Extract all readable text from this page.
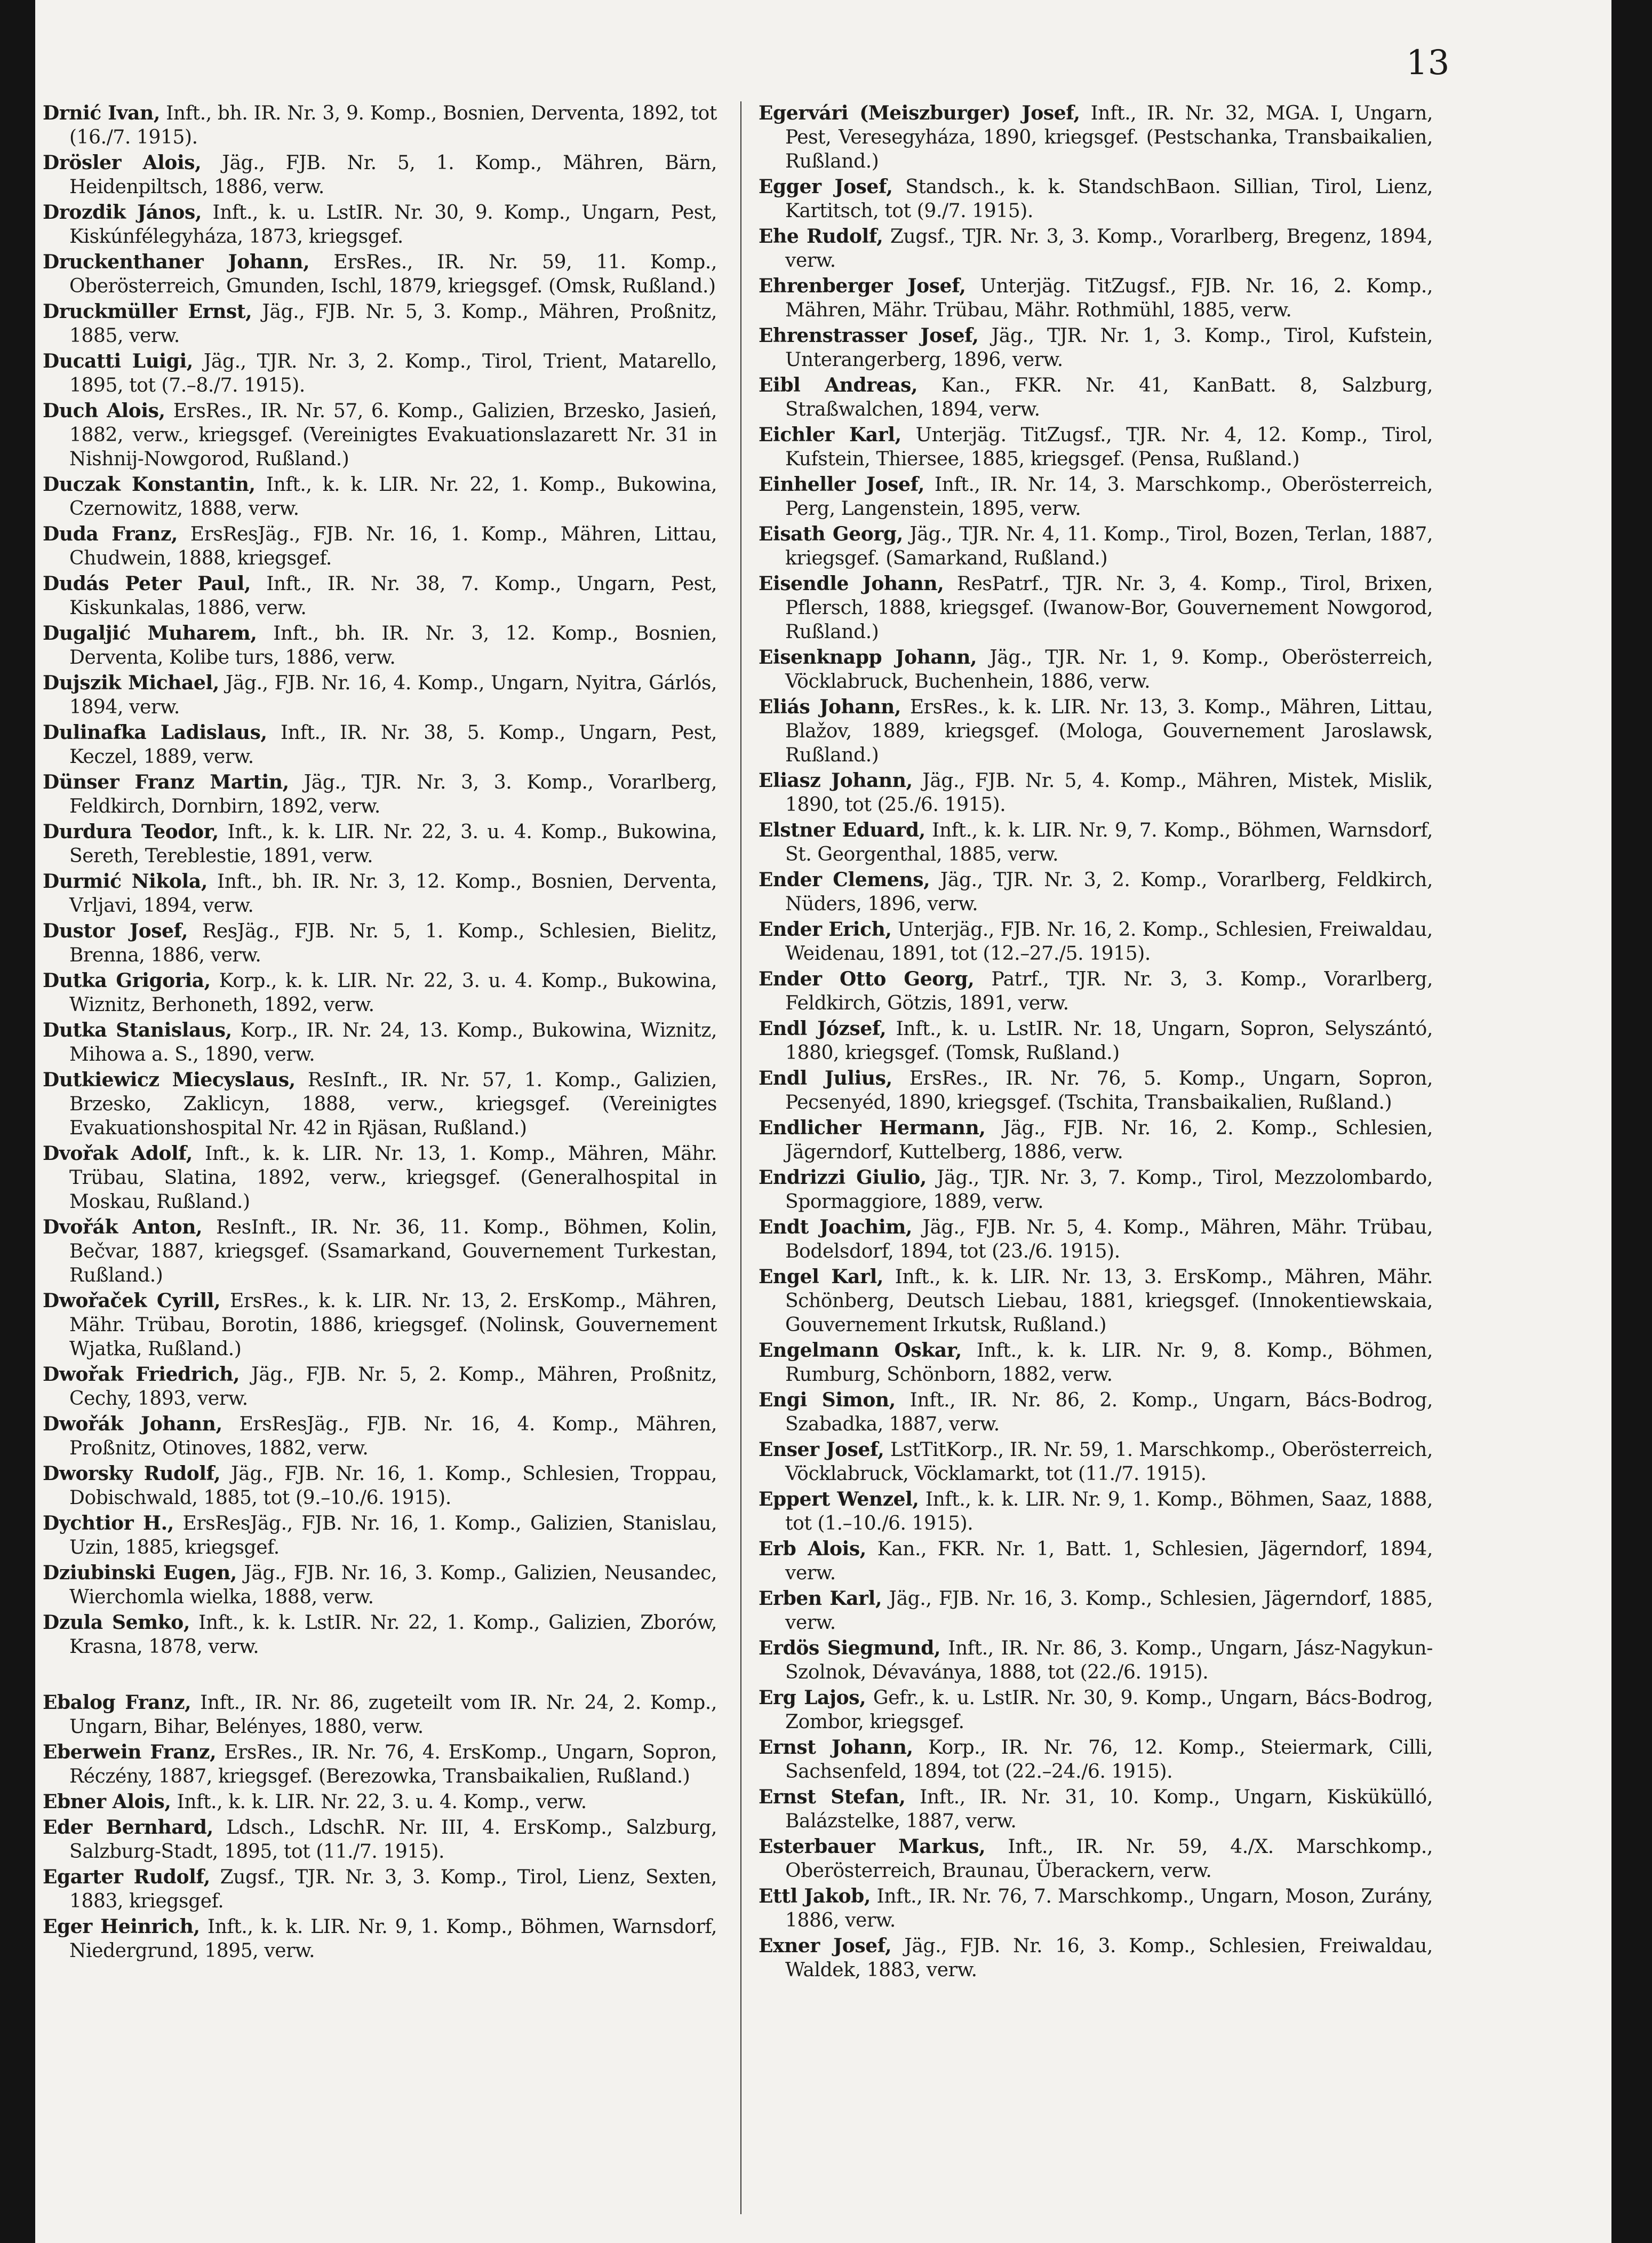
13
Drnić Ivan, Inft., bh. IR. Nr. 3, 9. Komp., Bosnien, Derventa, 1892, tot (16./7. 1915).
Drösler Alois, Jäg., FJB. Nr. 5, 1. Komp., Mähren, Bärn, Heidenpiltsch, 1886, verw.
Drozdik János, Inft., k. u. LstIR. Nr. 30, 9. Komp., Ungarn, Pest, Kiskúnfélegyháza, 1873, kriegsgef.
Druckenthaner Johann, ErsRes., IR. Nr. 59, 11. Komp., Oberösterreich, Gmunden, Ischl, 1879, kriegsgef. (Omsk, Rußland.)
Druckmüller Ernst, Jäg., FJB. Nr. 5, 3. Komp., Mähren, Proßnitz, 1885, verw.
Ducatti Luigi, Jäg., TJR. Nr. 3, 2. Komp., Tirol, Trient, Matarello, 1895, tot (7.–8./7. 1915).
Duch Alois, ErsRes., IR. Nr. 57, 6. Komp., Galizien, Brzesko, Jasień, 1882, verw., kriegsgef. (Vereinigtes Evakuationslazarett Nr. 31 in Nishnij-Nowgorod, Rußland.)
Duczak Konstantin, Inft., k. k. LIR. Nr. 22, 1. Komp., Bukowina, Czernowitz, 1888, verw.
Duda Franz, ErsResJäg., FJB. Nr. 16, 1. Komp., Mähren, Littau, Chudwein, 1888, kriegsgef.
Dudás Peter Paul, Inft., IR. Nr. 38, 7. Komp., Ungarn, Pest, Kiskunkalas, 1886, verw.
Dugaljić Muharem, Inft., bh. IR. Nr. 3, 12. Komp., Bosnien, Derventa, Kolibe turs, 1886, verw.
Dujszik Michael, Jäg., FJB. Nr. 16, 4. Komp., Ungarn, Nyitra, Gárlós, 1894, verw.
Dulinafka Ladislaus, Inft., IR. Nr. 38, 5. Komp., Ungarn, Pest, Keczel, 1889, verw.
Dünser Franz Martin, Jäg., TJR. Nr. 3, 3. Komp., Vorarlberg, Feldkirch, Dornbirn, 1892, verw.
Durdura Teodor, Inft., k. k. LIR. Nr. 22, 3. u. 4. Komp., Bukowina, Sereth, Tereblestie, 1891, verw.
Durmić Nikola, Inft., bh. IR. Nr. 3, 12. Komp., Bosnien, Derventa, Vrljavi, 1894, verw.
Dustor Josef, ResJäg., FJB. Nr. 5, 1. Komp., Schlesien, Bielitz, Brenna, 1886, verw.
Dutka Grigoria, Korp., k. k. LIR. Nr. 22, 3. u. 4. Komp., Bukowina, Wiznitz, Berhoneth, 1892, verw.
Dutka Stanislaus, Korp., IR. Nr. 24, 13. Komp., Bukowina, Wiznitz, Mihowa a. S., 1890, verw.
Dutkiewicz Miecyslaus, ResInft., IR. Nr. 57, 1. Komp., Galizien, Brzesko, Zaklicyn, 1888, verw., kriegsgef. (Vereinigtes Evakuationshospital Nr. 42 in Rjäsan, Rußland.)
Dvořak Adolf, Inft., k. k. LIR. Nr. 13, 1. Komp., Mähren, Mähr. Trübau, Slatina, 1892, verw., kriegsgef. (Generalhospital in Moskau, Rußland.)
Dvořák Anton, ResInft., IR. Nr. 36, 11. Komp., Böhmen, Kolin, Bečvar, 1887, kriegsgef. (Ssamarkand, Gouvernement Turkestan, Rußland.)
Dwořaček Cyrill, ErsRes., k. k. LIR. Nr. 13, 2. ErsKomp., Mähren, Mähr. Trübau, Borotin, 1886, kriegsgef. (Nolinsk, Gouvernement Wjatka, Rußland.)
Dwořak Friedrich, Jäg., FJB. Nr. 5, 2. Komp., Mähren, Proßnitz, Cechy, 1893, verw.
Dwořák Johann, ErsResJäg., FJB. Nr. 16, 4. Komp., Mähren, Proßnitz, Otinoves, 1882, verw.
Dworsky Rudolf, Jäg., FJB. Nr. 16, 1. Komp., Schlesien, Troppau, Dobischwald, 1885, tot (9.–10./6. 1915).
Dychtior H., ErsResJäg., FJB. Nr. 16, 1. Komp., Galizien, Stanislau, Uzin, 1885, kriegsgef.
Dziubinski Eugen, Jäg., FJB. Nr. 16, 3. Komp., Galizien, Neusandec, Wierchomla wielka, 1888, verw.
Dzula Semko, Inft., k. k. LstIR. Nr. 22, 1. Komp., Galizien, Zborów, Krasna, 1878, verw.
Ebalog Franz, Inft., IR. Nr. 86, zugeteilt vom IR. Nr. 24, 2. Komp., Ungarn, Bihar, Belényes, 1880, verw.
Eberwein Franz, ErsRes., IR. Nr. 76, 4. ErsKomp., Ungarn, Sopron, Réczény, 1887, kriegsgef. (Berezowka, Transbaikalien, Rußland.)
Ebner Alois, Inft., k. k. LIR. Nr. 22, 3. u. 4. Komp., verw.
Eder Bernhard, Ldsch., LdschR. Nr. III, 4. ErsKomp., Salzburg, Salzburg-Stadt, 1895, tot (11./7. 1915).
Egarter Rudolf, Zugsf., TJR. Nr. 3, 3. Komp., Tirol, Lienz, Sexten, 1883, kriegsgef.
Eger Heinrich, Inft., k. k. LIR. Nr. 9, 1. Komp., Böhmen, Warnsdorf, Niedergrund, 1895, verw.
Egervári (Meiszburger) Josef, Inft., IR. Nr. 32, MGA. I, Ungarn, Pest, Veresegyháza, 1890, kriegsgef. (Pestschanka, Transbaikalien, Rußland.)
Egger Josef, Standsch., k. k. StandschBaon. Sillian, Tirol, Lienz, Kartitsch, tot (9./7. 1915).
Ehe Rudolf, Zugsf., TJR. Nr. 3, 3. Komp., Vorarlberg, Bregenz, 1894, verw.
Ehrenberger Josef, Unterjäg. TitZugsf., FJB. Nr. 16, 2. Komp., Mähren, Mähr. Trübau, Mähr. Rothmühl, 1885, verw.
Ehrenstrasser Josef, Jäg., TJR. Nr. 1, 3. Komp., Tirol, Kufstein, Unterangerberg, 1896, verw.
Eibl Andreas, Kan., FKR. Nr. 41, KanBatt. 8, Salzburg, Straßwalchen, 1894, verw.
Eichler Karl, Unterjäg. TitZugsf., TJR. Nr. 4, 12. Komp., Tirol, Kufstein, Thiersee, 1885, kriegsgef. (Pensa, Rußland.)
Einheller Josef, Inft., IR. Nr. 14, 3. Marschkomp., Oberösterreich, Perg, Langenstein, 1895, verw.
Eisath Georg, Jäg., TJR. Nr. 4, 11. Komp., Tirol, Bozen, Terlan, 1887, kriegsgef. (Samarkand, Rußland.)
Eisendle Johann, ResPatrf., TJR. Nr. 3, 4. Komp., Tirol, Brixen, Pflersch, 1888, kriegsgef. (Iwanow-Bor, Gouvernement Nowgorod, Rußland.)
Eisenknapp Johann, Jäg., TJR. Nr. 1, 9. Komp., Oberösterreich, Vöcklabruck, Buchenhein, 1886, verw.
Eliás Johann, ErsRes., k. k. LIR. Nr. 13, 3. Komp., Mähren, Littau, Blažov, 1889, kriegsgef. (Mologa, Gouvernement Jaroslawsk, Rußland.)
Eliasz Johann, Jäg., FJB. Nr. 5, 4. Komp., Mähren, Mistek, Mislik, 1890, tot (25./6. 1915).
Elstner Eduard, Inft., k. k. LIR. Nr. 9, 7. Komp., Böhmen, Warnsdorf, St. Georgenthal, 1885, verw.
Ender Clemens, Jäg., TJR. Nr. 3, 2. Komp., Vorarlberg, Feldkirch, Nüders, 1896, verw.
Ender Erich, Unterjäg., FJB. Nr. 16, 2. Komp., Schlesien, Freiwaldau, Weidenau, 1891, tot (12.–27./5. 1915).
Ender Otto Georg, Patrf., TJR. Nr. 3, 3. Komp., Vorarlberg, Feldkirch, Götzis, 1891, verw.
Endl József, Inft., k. u. LstIR. Nr. 18, Ungarn, Sopron, Selyszántó, 1880, kriegsgef. (Tomsk, Rußland.)
Endl Julius, ErsRes., IR. Nr. 76, 5. Komp., Ungarn, Sopron, Pecsenyéd, 1890, kriegsgef. (Tschita, Transbaikalien, Rußland.)
Endlicher Hermann, Jäg., FJB. Nr. 16, 2. Komp., Schlesien, Jägerndorf, Kuttelberg, 1886, verw.
Endrizzi Giulio, Jäg., TJR. Nr. 3, 7. Komp., Tirol, Mezzolombardo, Spormaggiore, 1889, verw.
Endt Joachim, Jäg., FJB. Nr. 5, 4. Komp., Mähren, Mähr. Trübau, Bodelsdorf, 1894, tot (23./6. 1915).
Engel Karl, Inft., k. k. LIR. Nr. 13, 3. ErsKomp., Mähren, Mähr. Schönberg, Deutsch Liebau, 1881, kriegsgef. (Innokentiewskaia, Gouvernement Irkutsk, Rußland.)
Engelmann Oskar, Inft., k. k. LIR. Nr. 9, 8. Komp., Böhmen, Rumburg, Schönborn, 1882, verw.
Engi Simon, Inft., IR. Nr. 86, 2. Komp., Ungarn, Bács-Bodrog, Szabadka, 1887, verw.
Enser Josef, LstTitKorp., IR. Nr. 59, 1. Marschkomp., Oberösterreich, Vöcklabruck, Vöcklamarkt, tot (11./7. 1915).
Eppert Wenzel, Inft., k. k. LIR. Nr. 9, 1. Komp., Böhmen, Saaz, 1888, tot (1.–10./6. 1915).
Erb Alois, Kan., FKR. Nr. 1, Batt. 1, Schlesien, Jägerndorf, 1894, verw.
Erben Karl, Jäg., FJB. Nr. 16, 3. Komp., Schlesien, Jägerndorf, 1885, verw.
Erdös Siegmund, Inft., IR. Nr. 86, 3. Komp., Ungarn, Jász-Nagykun-Szolnok, Dévaványa, 1888, tot (22./6. 1915).
Erg Lajos, Gefr., k. u. LstIR. Nr. 30, 9. Komp., Ungarn, Bács-Bodrog, Zombor, kriegsgef.
Ernst Johann, Korp., IR. Nr. 76, 12. Komp., Steiermark, Cilli, Sachsenfeld, 1894, tot (22.–24./6. 1915).
Ernst Stefan, Inft., IR. Nr. 31, 10. Komp., Ungarn, Kiskükülló, Balázstelke, 1887, verw.
Esterbauer Markus, Inft., IR. Nr. 59, 4./X. Marschkomp., Oberösterreich, Braunau, Überackern, verw.
Ettl Jakob, Inft., IR. Nr. 76, 7. Marschkomp., Ungarn, Moson, Zurány, 1886, verw.
Exner Josef, Jäg., FJB. Nr. 16, 3. Komp., Schlesien, Freiwaldau, Waldek, 1883, verw.
